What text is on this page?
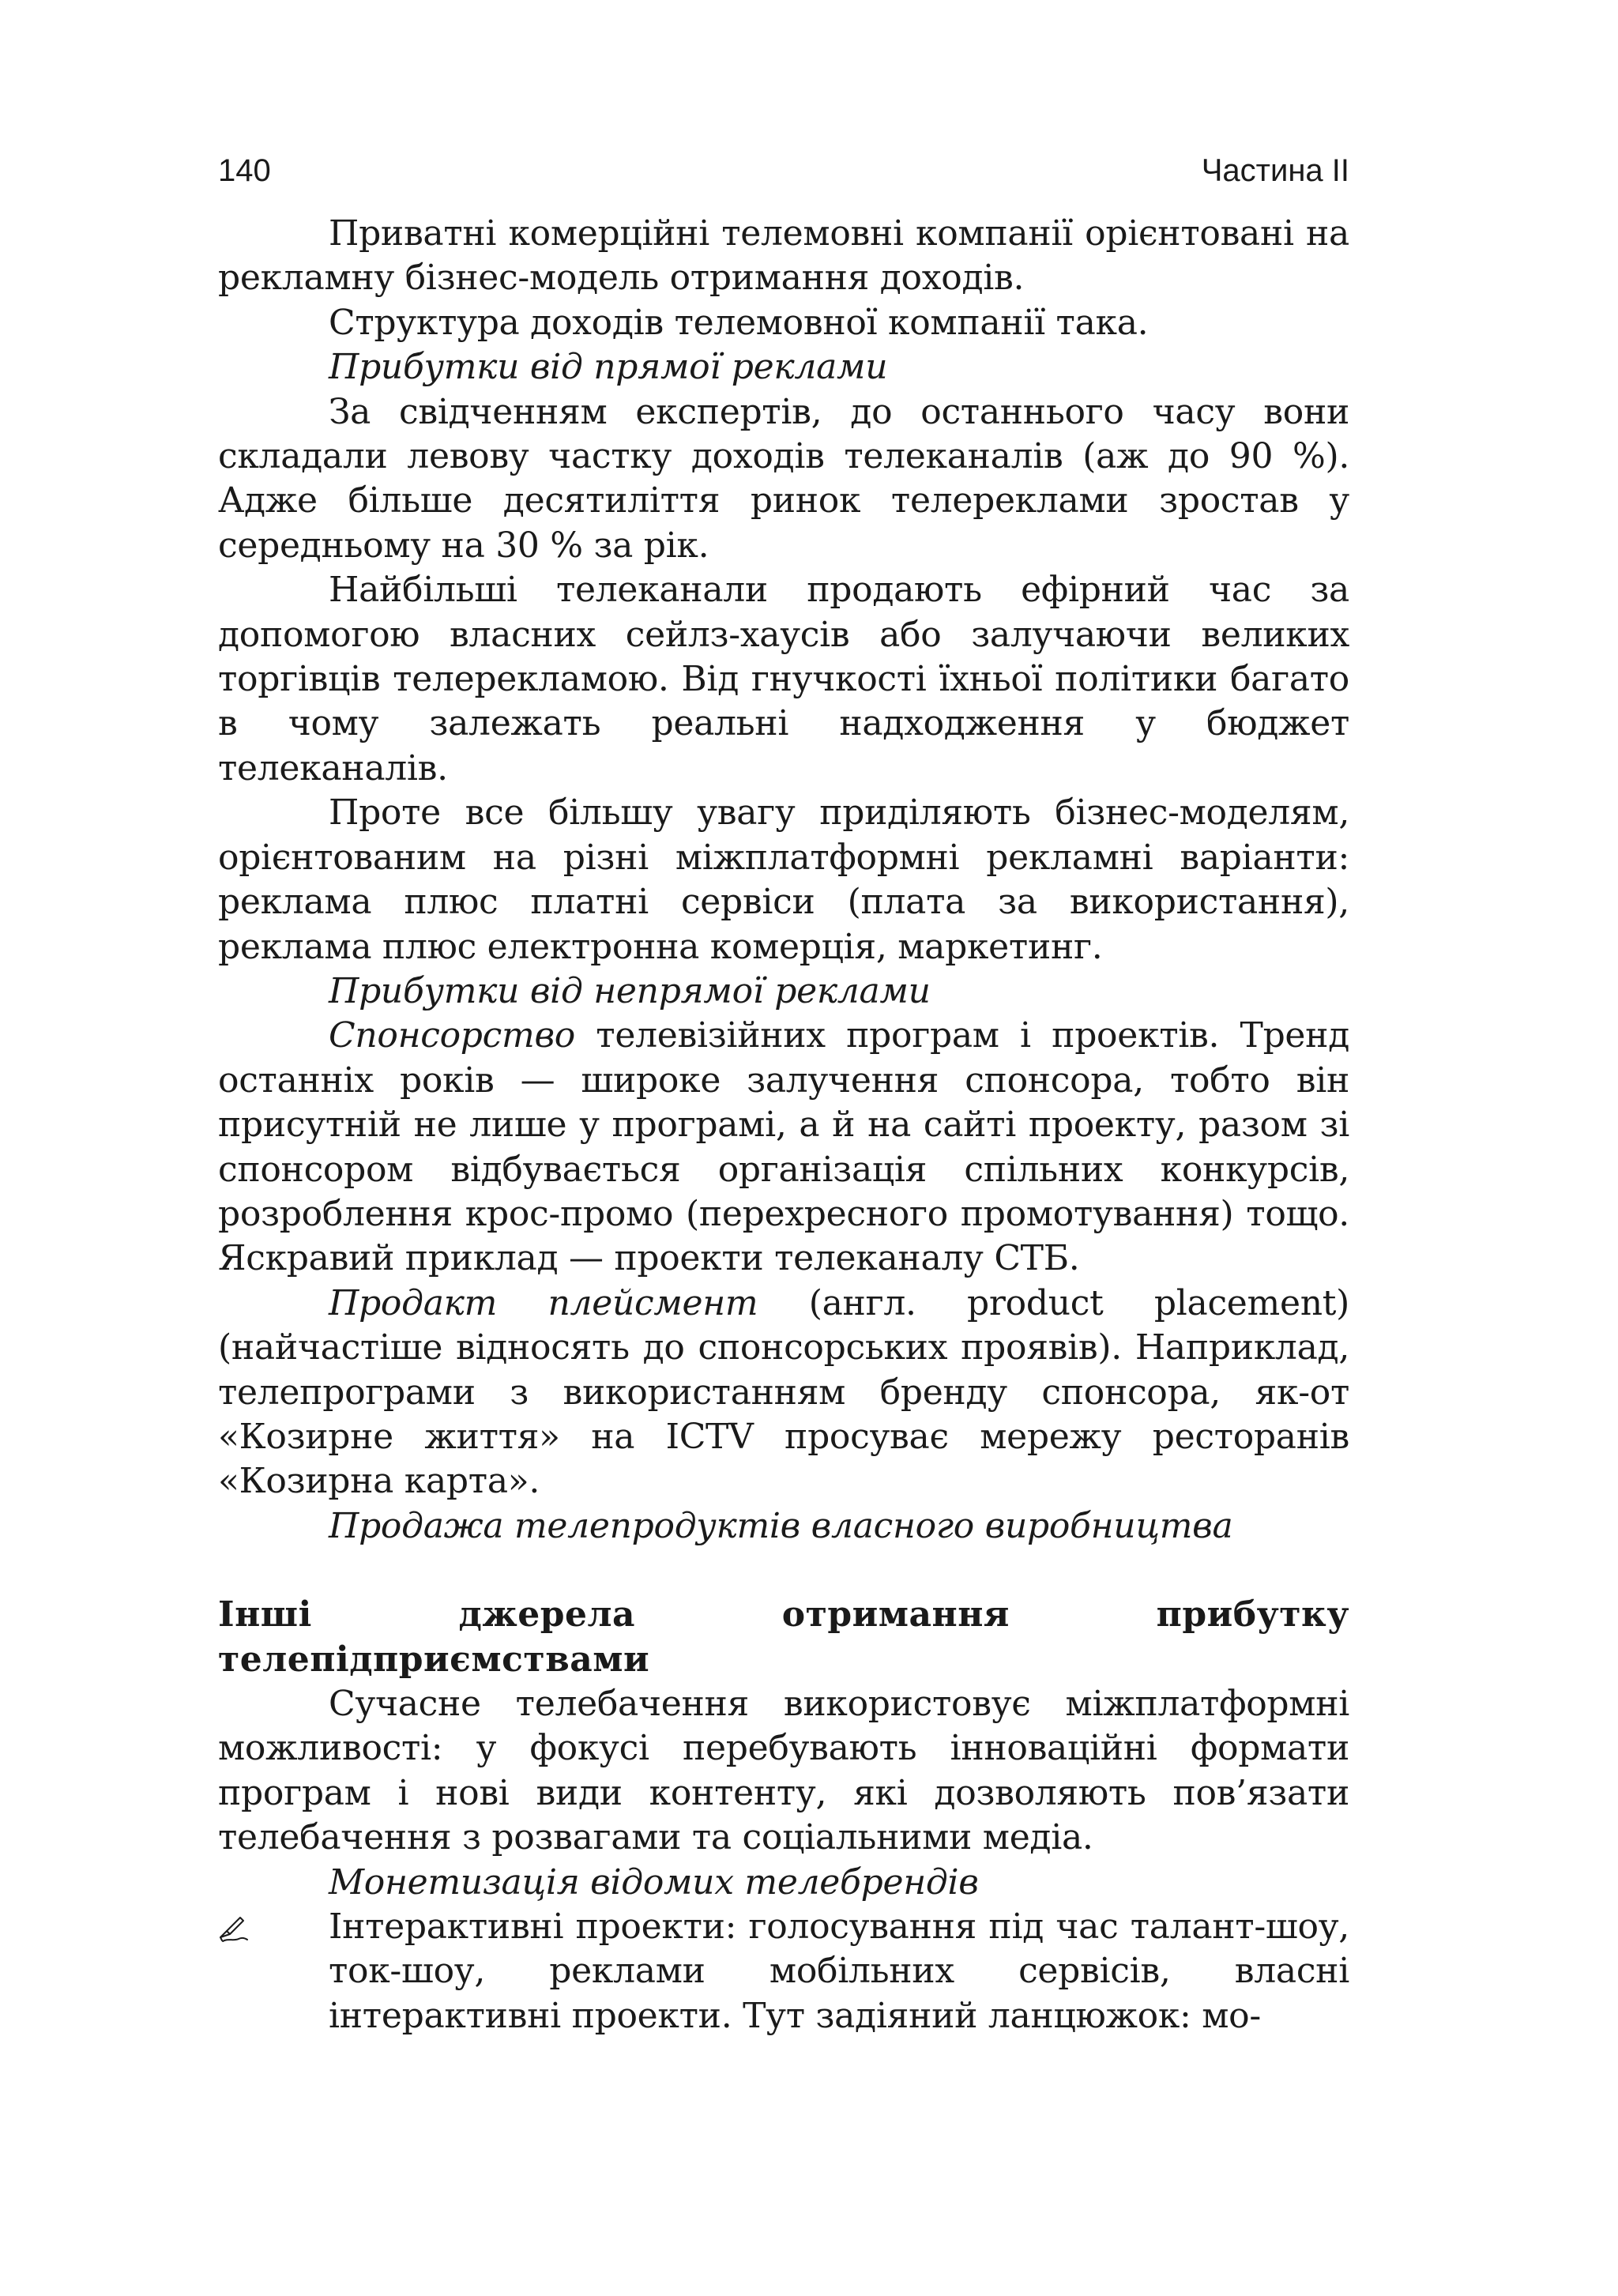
140	Частина II

Приватні комерційні телемовні компанії орієнтовані на рекламну бізнес-модель отримання доходів.

Структура доходів телемовної компанії така.

Прибутки від прямої реклами

За свідченням експертів, до останнього часу вони складали левову частку доходів телеканалів (аж до 90 %). Адже більше десятиліття ринок телереклами зростав у середньому на 30 % за рік.

Найбільші телеканали продають ефірний час за допомогою власних сейлз-хаусів або залучаючи великих торгівців телерекламою. Від гнучкості їхньої політики багато в чому залежать реальні надходження у бюджет телеканалів.

Проте все більшу увагу приділяють бізнес-моделям, орієнтованим на різні міжплатформні рекламні варіанти: реклама плюс платні сервіси (плата за використання), реклама плюс електронна комерція, маркетинг.

Прибутки від непрямої реклами

Спонсорство телевізійних програм і проектів. Тренд останніх років — широке залучення спонсора, тобто він присутній не лише у програмі, а й на сайті проекту, разом зі спонсором відбувається організація спільних конкурсів, розроблення крос-промо (перехресного промотування) тощо. Яскравий приклад — проекти телеканалу СТБ.

Продакт плейсмент (англ. product placement) (найчастіше відносять до спонсорських проявів). Наприклад, телепрограми з використанням бренду спонсора, як-от «Козирне життя» на ICTV просуває мережу ресторанів «Козирна карта».

Продажа телепродуктів власного виробництва

Інші джерела отримання прибутку телепідприємствами

Сучасне телебачення використовує міжплатформні можливості: у фокусі перебувають інноваційні формати програм і нові види контенту, які дозволяють пов’язати телебачення з розвагами та соціальними медіа.

Монетизація відомих телебрендів

Інтерактивні проекти: голосування під час талант-шоу, ток-шоу, реклами мобільних сервісів, власні інтерактивні проекти. Тут задіяний ланцюжок: мо-
